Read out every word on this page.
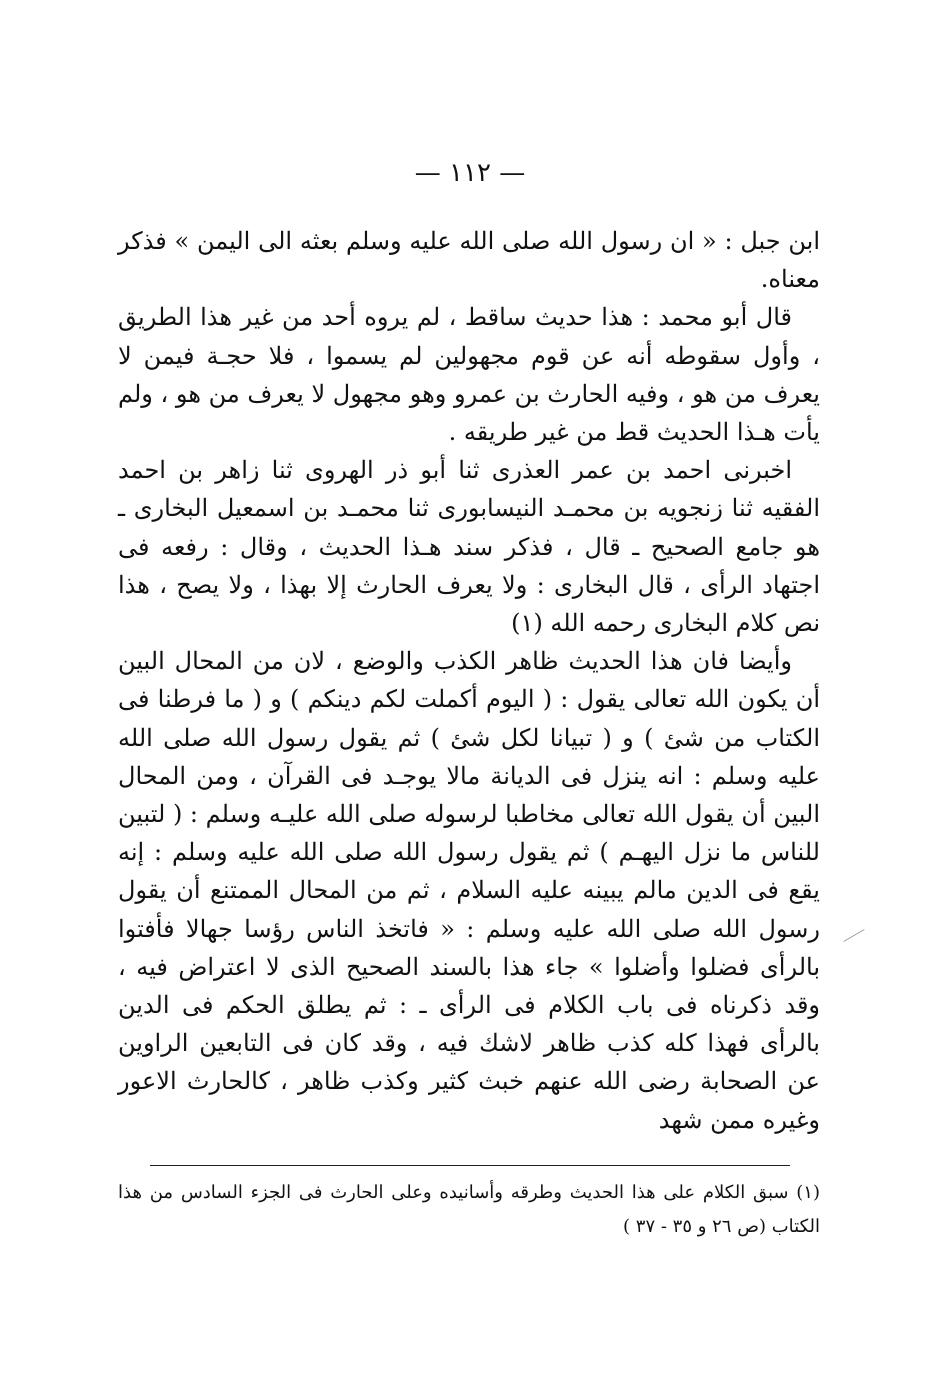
— ١١٢ —

ابن جبل : « ان رسول الله صلى الله عليه وسلم بعثه الى اليمن » فذكر معناه.

قال أبو محمد : هذا حديث ساقط ، لم يروه أحد من غير هذا الطريق ، وأول سقوطه أنه عن قوم مجهولين لم يسموا ، فلا حجـة فيمن لا يعرف من هو ، وفيه الحارث بن عمرو وهو مجهول لا يعرف من هو ، ولم يأت هـذا الحديث قط من غير طريقه .

اخبرنى احمد بن عمر العذرى ثنا أبو ذر الهروى ثنا زاهر بن احمد الفقيه ثنا زنجويه بن محمـد النيسابورى ثنا محمـد بن اسمعيل البخارى ـ هو جامع الصحيح ـ قال ، فذكر سند هـذا الحديث ، وقال : رفعه فى اجتهاد الرأى ، قال البخارى : ولا يعرف الحارث إلا بهذا ، ولا يصح ، هذا نص كلام البخارى رحمه الله (١)

وأيضا فان هذا الحديث ظاهر الكذب والوضع ، لان من المحال البين أن يكون الله تعالى يقول : ( اليوم أكملت لكم دينكم ) و ( ما فرطنا فى الكتاب من شئ ) و ( تبيانا لكل شئ ) ثم يقول رسول الله صلى الله عليه وسلم : انه ينزل فى الديانة مالا يوجـد فى القرآن ، ومن المحال البين أن يقول الله تعالى مخاطبا لرسوله صلى الله عليـه وسلم : ( لتبين للناس ما نزل اليهـم ) ثم يقول رسول الله صلى الله عليه وسلم : إنه يقع فى الدين مالم يبينه عليه السلام ، ثم من المحال الممتنع أن يقول رسول الله صلى الله عليه وسلم : « فاتخذ الناس رؤسا جهالا فأفتوا بالرأى فضلوا وأضلوا » جاء هذا بالسند الصحيح الذى لا اعتراض فيه ، وقد ذكرناه فى باب الكلام فى الرأى ـ : ثم يطلق الحكم فى الدين بالرأى فهذا كله كذب ظاهر لاشك فيه ، وقد كان فى التابعين الراوين عن الصحابة رضى الله عنهم خبث كثير وكذب ظاهر ، كالحارث الاعور وغيره ممن شهد

(١) سبق الكلام على هذا الحديث وطرقه وأسانيده وعلى الحارث فى الجزء السادس من هذا الكتاب (ص ٢٦ و ٣٥ - ٣٧ )
